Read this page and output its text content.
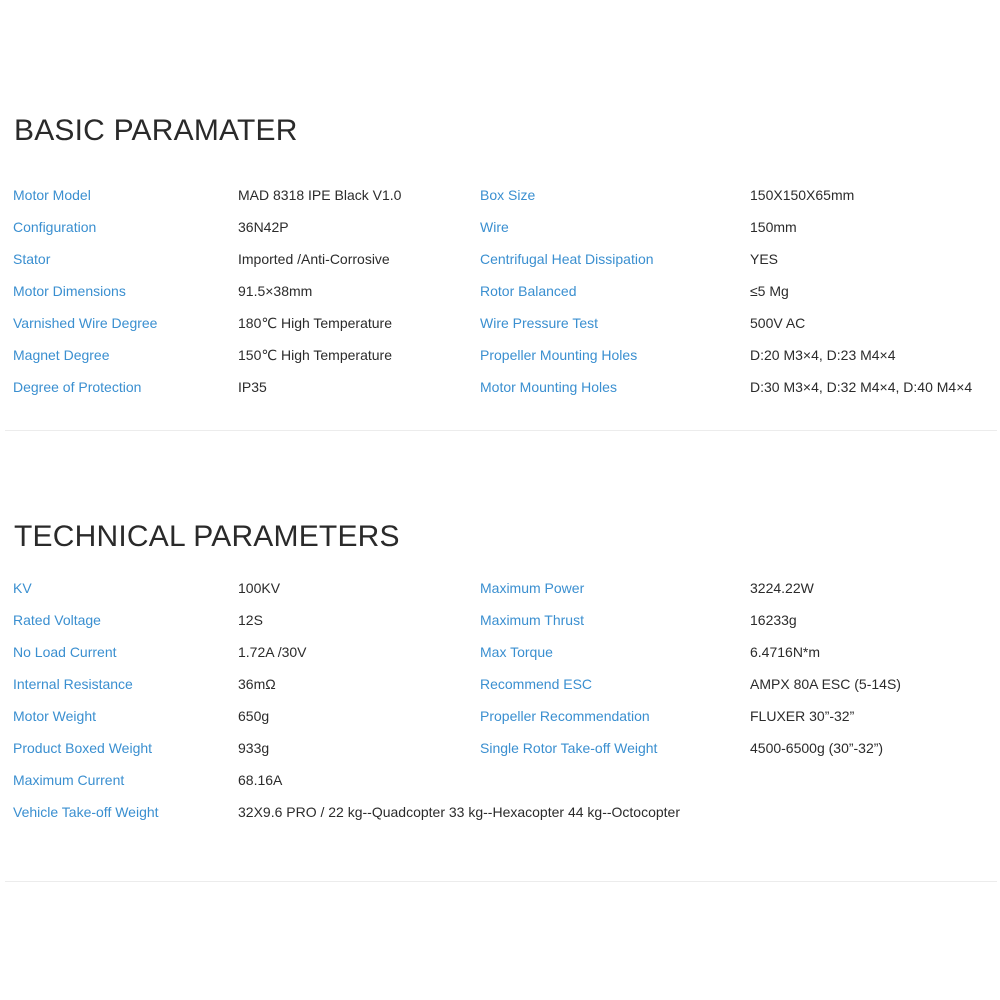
BASIC PARAMATER
Motor Model	MAD 8318 IPE Black V1.0	Box Size	150X150X65mm
Configuration	36N42P	Wire	150mm
Stator	Imported /Anti-Corrosive	Centrifugal Heat Dissipation	YES
Motor Dimensions	91.5×38mm	Rotor Balanced	≤5 Mg
Varnished Wire Degree	180℃ High Temperature	Wire Pressure Test	500V AC
Magnet Degree	150℃ High Temperature	Propeller Mounting Holes	D:20 M3×4, D:23 M4×4
Degree of Protection	IP35	Motor Mounting Holes	D:30 M3×4, D:32 M4×4, D:40 M4×4
TECHNICAL PARAMETERS
KV	100KV	Maximum Power	3224.22W
Rated Voltage	12S	Maximum Thrust	16233g
No Load Current	1.72A /30V	Max Torque	6.4716N*m
Internal Resistance	36mΩ	Recommend ESC	AMPX 80A ESC (5-14S)
Motor Weight	650g	Propeller Recommendation	FLUXER 30”-32”
Product Boxed Weight	933g	Single Rotor Take-off Weight	4500-6500g (30”-32”)
Maximum Current	68.16A
Vehicle Take-off Weight	32X9.6 PRO / 22 kg--Quadcopter 33 kg--Hexacopter 44 kg--Octocopter
